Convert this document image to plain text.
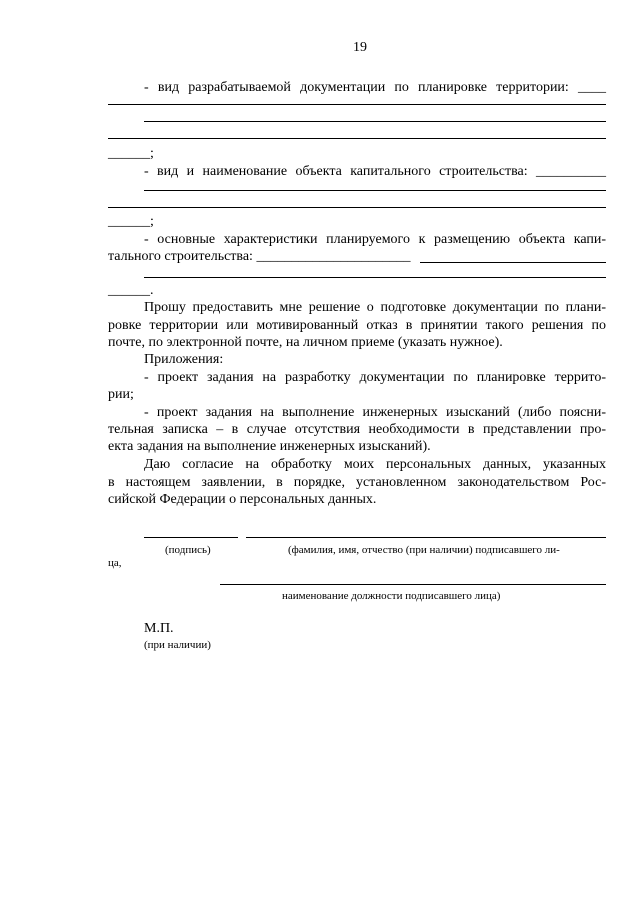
19
- вид разрабатываемой документации по планировке территории: ____
______;
- вид и наименование объекта капитального строительства: __________
______;
- основные характеристики планируемого к размещению объекта капи-
тального строительства: ______________________
______.
Прошу предоставить мне решение о подготовке документации по плани-
ровке территории или мотивированный отказ в принятии такого решения по
почте, по электронной почте, на личном приеме (указать нужное).
Приложения:
- проект задания на разработку документации по планировке террито-
рии;
- проект задания на выполнение инженерных изысканий (либо поясни-
тельная записка – в случае отсутствия необходимости в представлении про-
екта задания на выполнение инженерных изысканий).
Даю согласие на обработку моих персональных данных, указанных
в настоящем заявлении, в порядке, установленном законодательством Рос-
сийской Федерации о персональных данных.
(подпись)	(фамилия, имя, отчество (при наличии) подписавшего ли-
ца,
наименование должности подписавшего лица)
М.П.
(при наличии)
